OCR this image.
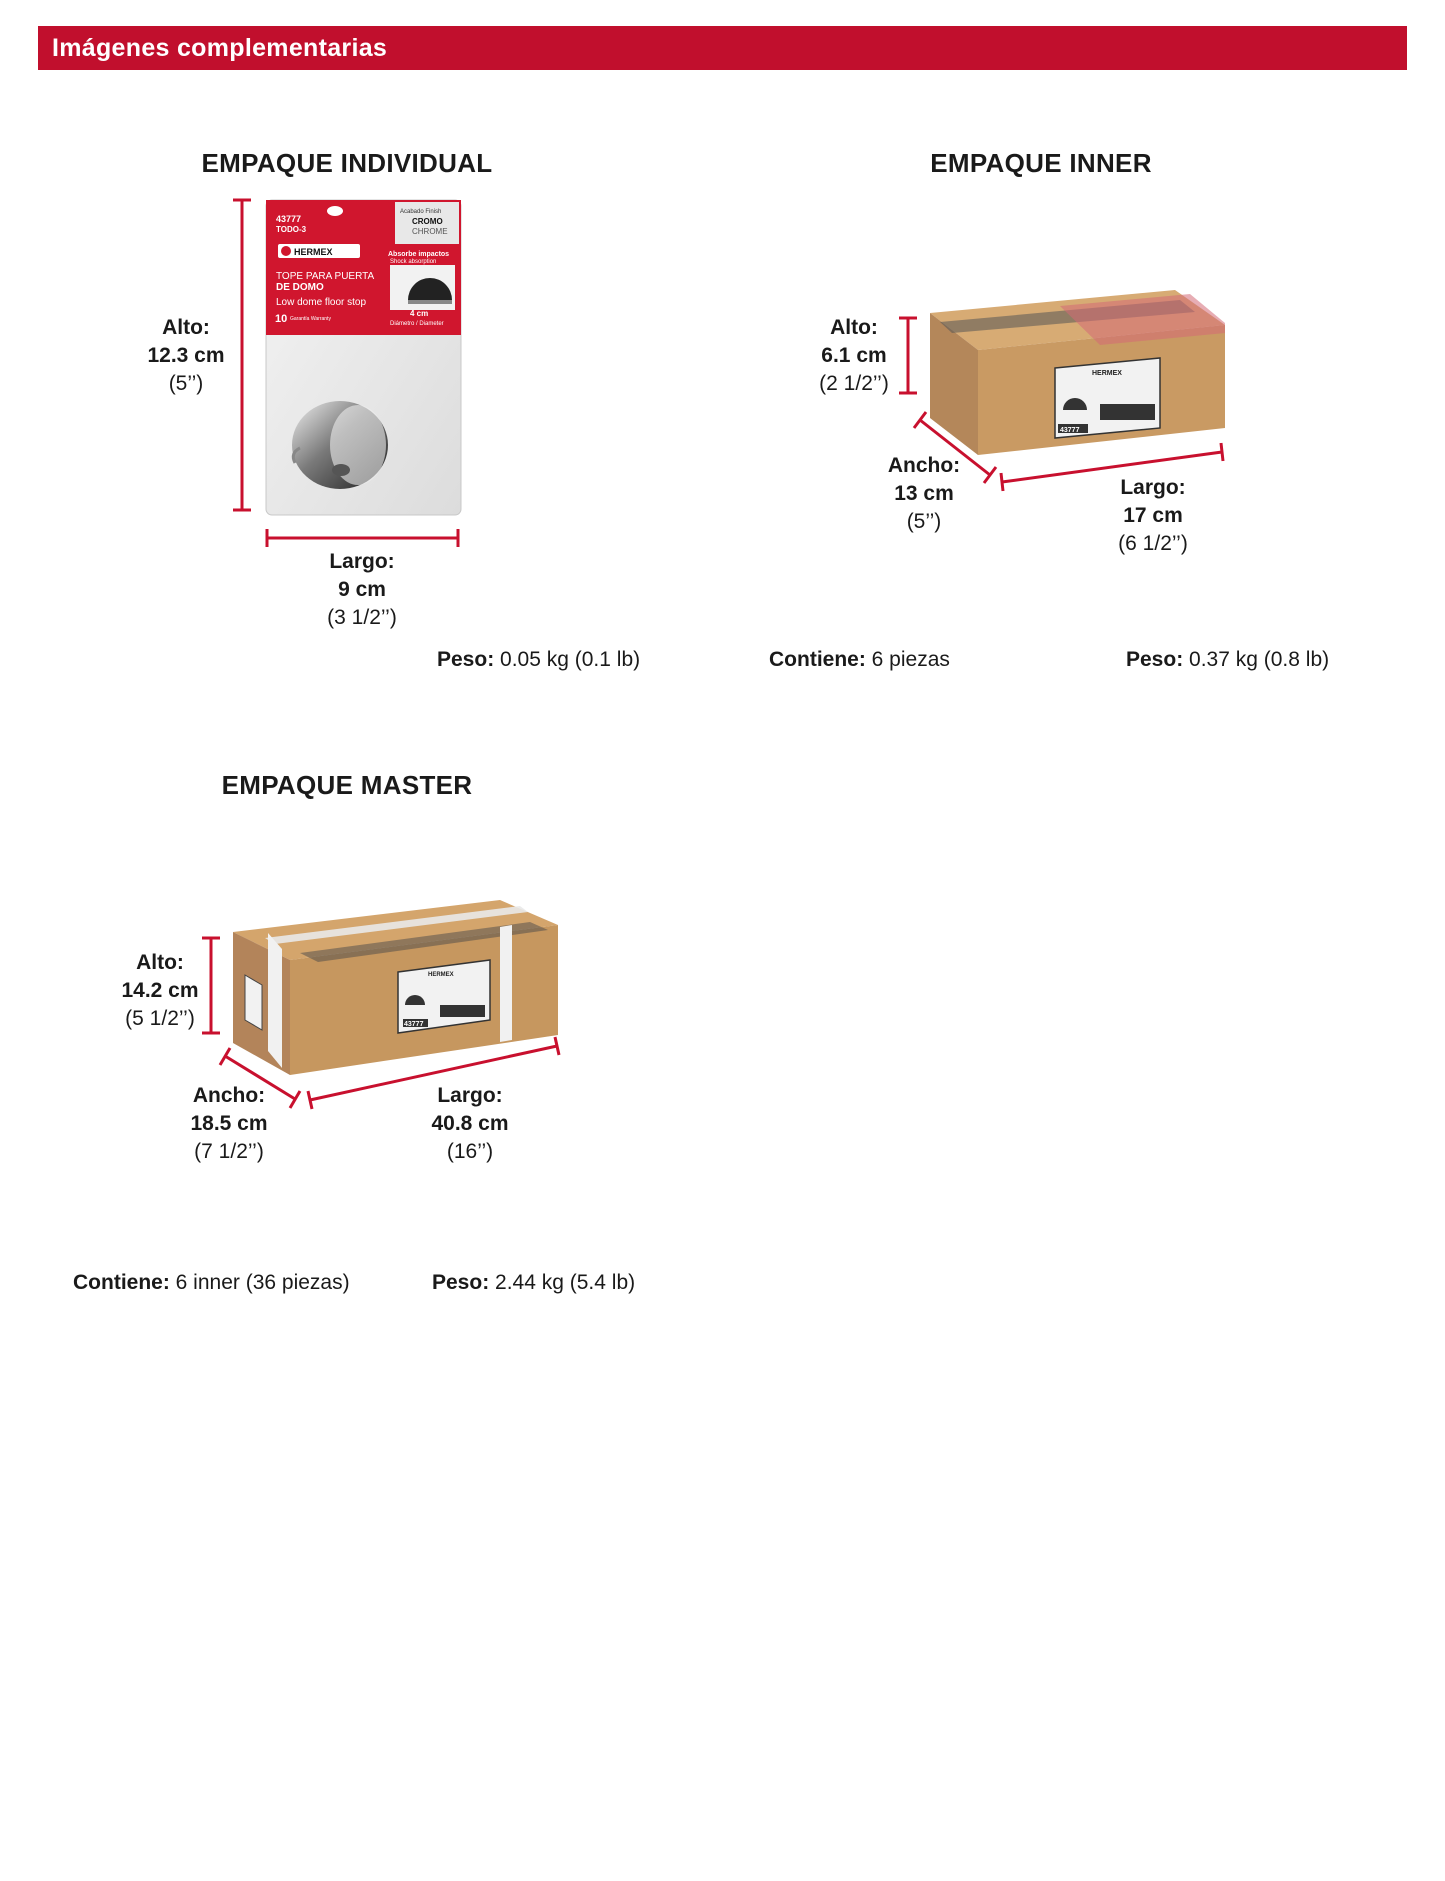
Imágenes complementarias
EMPAQUE INDIVIDUAL	EMPAQUE INNER
EMPAQUE MASTER
43777
TODO-3
Acabado Finish
CROMO
CHROME
HERMEX	Absorbe impactos
Shock absorption
TOPE PARA PUERTA
DE DOMO
Low dome floor stop
10 Garantía Warranty
4 cm
Diámetro / Diameter
HERMEX
43777
HERMEX
43777
Alto:
12.3 cm
(5’’)
Largo:
9 cm
(3 1/2’’)
Peso: 0.05 kg (0.1 lb)
Alto:
6.1 cm
(2 1/2’’)
Ancho:
13 cm
(5’’)
Largo:
17 cm
(6 1/2’’)
Contiene: 6 piezas	Peso: 0.37 kg (0.8 lb)
Alto:
14.2 cm
(5 1/2’’)
Ancho:
18.5 cm
(7 1/2’’)
Largo:
40.8 cm
(16’’)
Contiene: 6 inner (36 piezas)	Peso: 2.44 kg (5.4 lb)
